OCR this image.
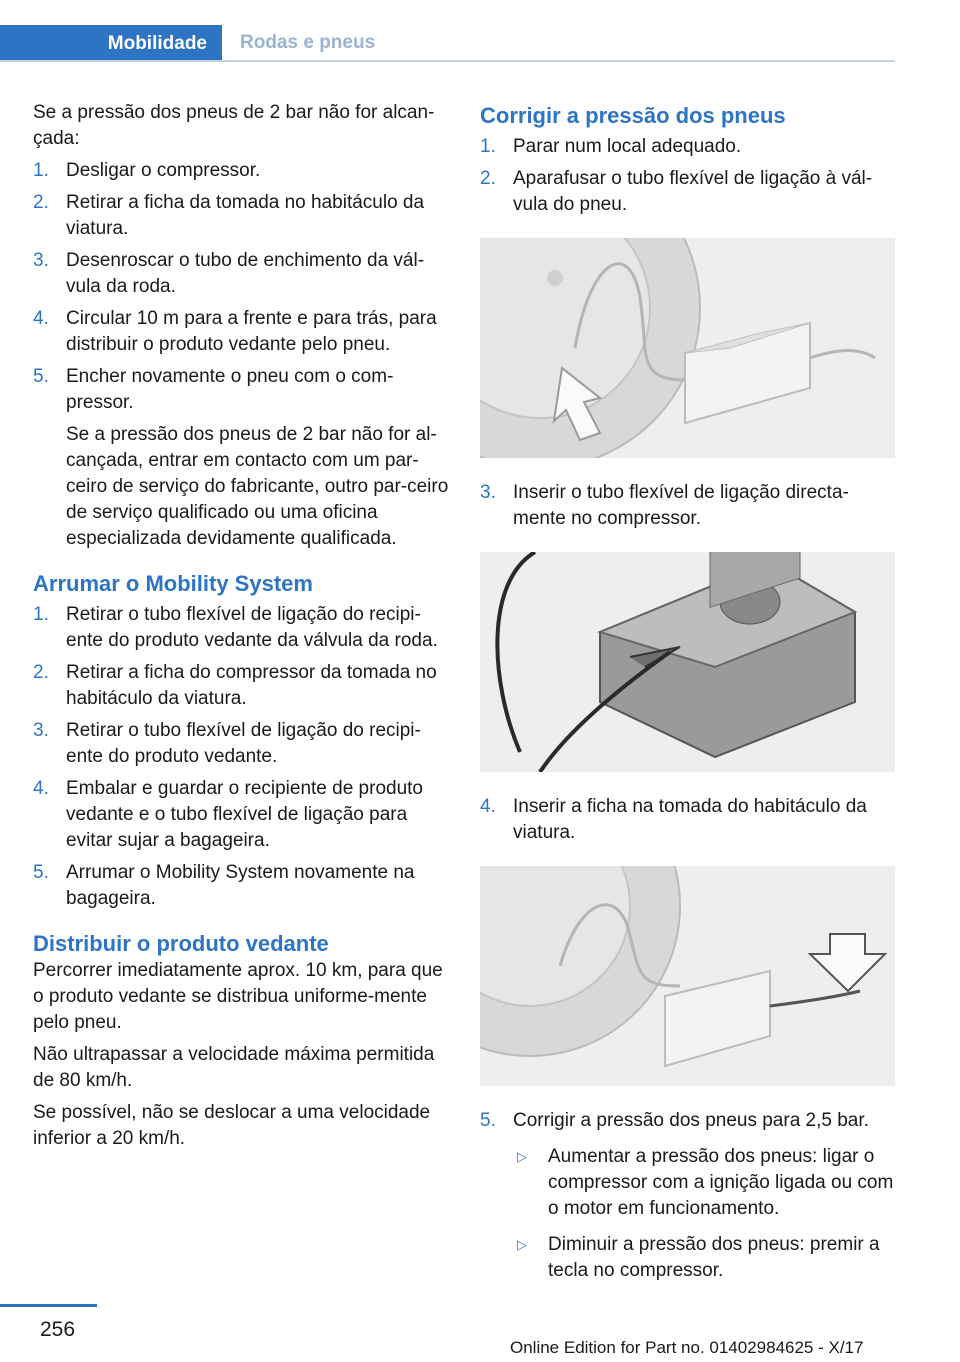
Mobilidade	Rodas e pneus

Se a pressão dos pneus de 2 bar não for alcan‐çada:

1. Desligar o compressor.
2. Retirar a ficha da tomada no habitáculo da viatura.
3. Desenroscar o tubo de enchimento da vál‐vula da roda.
4. Circular 10 m para a frente e para trás, para distribuir o produto vedante pelo pneu.
5. Encher novamente o pneu com o com‐pressor.
Se a pressão dos pneus de 2 bar não for al‐cançada, entrar em contacto com um par‐ceiro de serviço do fabricante, outro par‐ceiro de serviço qualificado ou uma oficina especializada devidamente qualificada.
Arrumar o Mobility System
1. Retirar o tubo flexível de ligação do recipi‐ente do produto vedante da válvula da roda.
2. Retirar a ficha do compressor da tomada no habitáculo da viatura.
3. Retirar o tubo flexível de ligação do recipi‐ente do produto vedante.
4. Embalar e guardar o recipiente de produto vedante e o tubo flexível de ligação para evitar sujar a bagageira.
5. Arrumar o Mobility System novamente na bagageira.
Distribuir o produto vedante

Percorrer imediatamente aprox. 10 km, para que o produto vedante se distribua uniforme‐mente pelo pneu.

Não ultrapassar a velocidade máxima permitida de 80 km/h.

Se possível, não se deslocar a uma velocidade inferior a 20 km/h.

Corrigir a pressão dos pneus
1. Parar num local adequado.
2. Aparafusar o tubo flexível de ligação à vál‐vula do pneu.
3. Inserir o tubo flexível de ligação directa‐mente no compressor.
4. Inserir a ficha na tomada do habitáculo da viatura.
5. Corrigir a pressão dos pneus para 2,5 bar.
▷ Aumentar a pressão dos pneus: ligar o compressor com a ignição ligada ou com o motor em funcionamento.
▷ Diminuir a pressão dos pneus: premir a tecla no compressor.
256
Online Edition for Part no. 01402984625 - X/17
